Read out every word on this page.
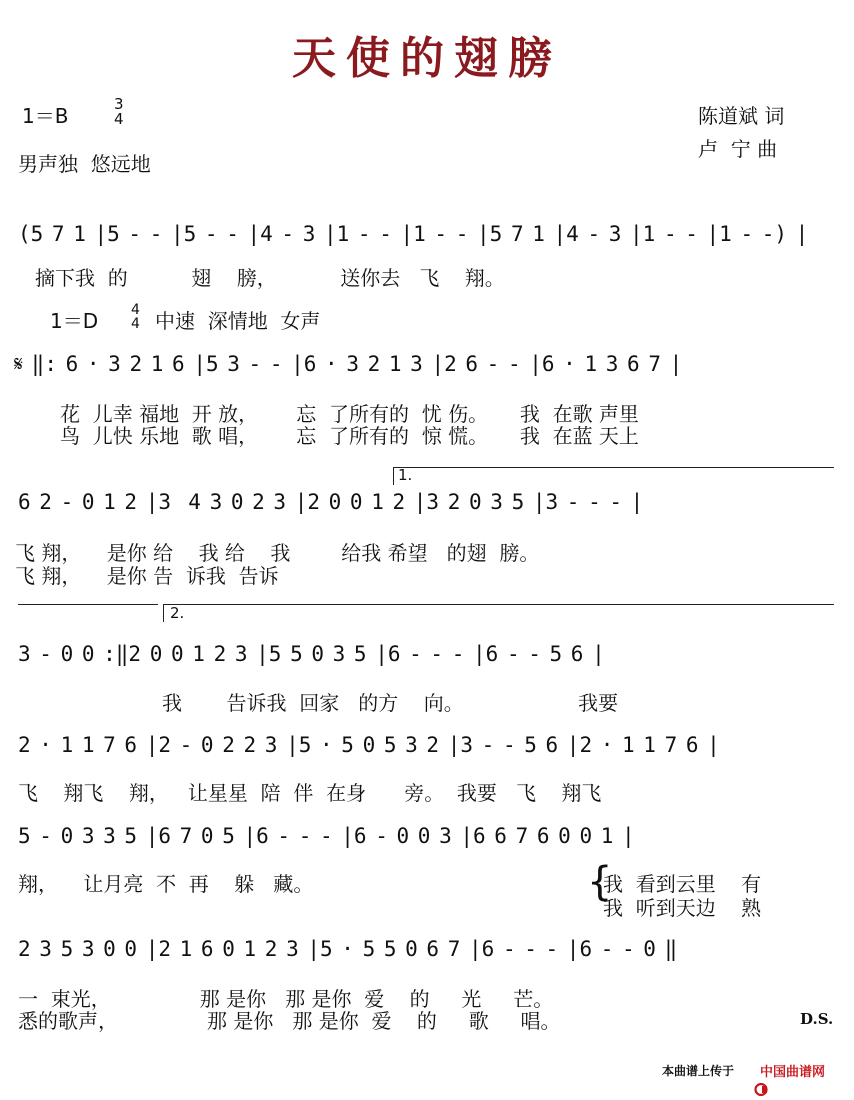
天使的翅膀
1＝B	3
4
男声独  悠远地
陈道斌 词
卢  宁 曲
(5 7 1 |5 - - |5 - - |4 - 3 |1 - - |1 - - |5 7 1 |4 - 3 |1 - - |1 - -) |
摘下我  的          翅    膀，          送你去   飞    翔。
1＝D 4
4 中速  深情地  女声
𝄋 ‖: 6 · 3 2 1 6 |5 3 - - |6 · 3 2 1 3 |2 6 - - |6 · 1 3 6 7 |
花  儿幸 福地  开 放，      忘  了所有的  忧 伤。     我  在歌 声里
鸟  儿快 乐地  歌 唱，      忘  了所有的  惊 慌。     我  在蓝 天上
1.
6 2 - 0 1 2 |3  4 3 0 2 3 |2 0 0 1 2 |3 2 0 3 5 |3 - - - |
飞 翔，    是你 给    我 给    我        给我 希望   的翅  膀。
飞 翔，    是你 告  诉我  告诉
2.
3 - 0 0 :‖2 0 0 1 2 3 |5 5 0 3 5 |6 - - - |6 - - 5 6 |
我       告诉我  回家   的方    向。                  我要
2 · 1 1 7 6 |2 - 0 2 2 3 |5 · 5 0 5 3 2 |3 - - 5 6 |2 · 1 1 7 6 |
飞    翔飞    翔，   让星星  陪  伴  在身      旁。  我要   飞    翔飞
5 - 0 3 3 5 |6 7 0 5 |6 - - - |6 - 0 0 3 |6 6 7 6 0 0 1 |
翔，    让月亮  不  再    躲   藏。	{
我  看到云里    有
我  听到天边    熟
2 3 5 3 0 0 |2 1 6 0 1 2 3 |5 · 5 5 0 6 7 |6 - - - |6 - - 0 ‖
一  束光，              那 是你   那 是你  爱    的     光     芒。
悉的歌声，              那 是你   那 是你  爱    的     歌     唱。	D.S.
本曲谱上传于

中国曲谱网
